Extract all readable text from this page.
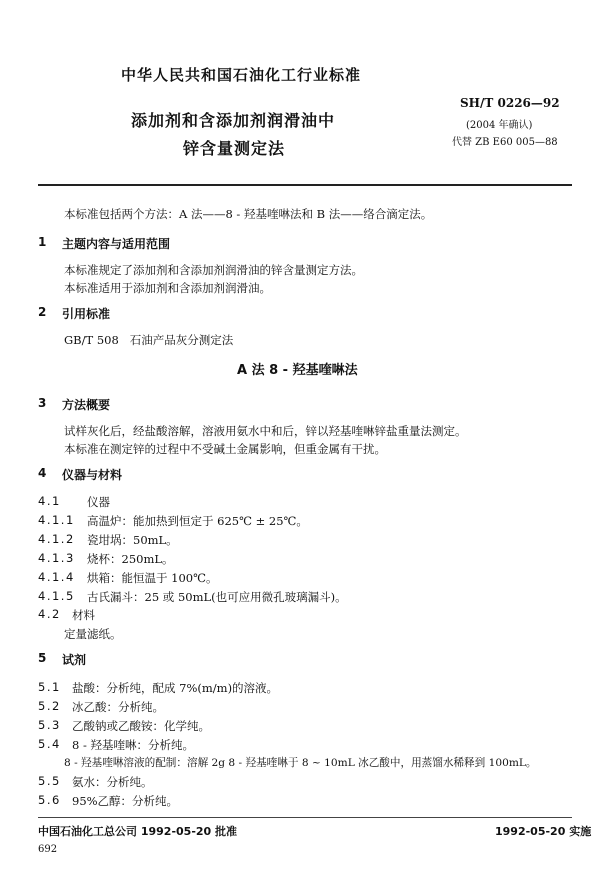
中华人民共和国石油化工行业标准
添加剂和含添加剂润滑油中
锌含量测定法
SH/T 0226—92
(2004 年确认)
代替 ZB E60 005—88
本标准包括两个方法：A 法——8 - 羟基喹啉法和 B 法——络合滴定法。
1 主题内容与适用范围
本标准规定了添加剂和含添加剂润滑油的锌含量测定方法。
本标准适用于添加剂和含添加剂润滑油。
2 引用标准
GB/T 508   石油产品灰分测定法
A 法 8 - 羟基喹啉法
3 方法概要
试样灰化后，经盐酸溶解，溶液用氨水中和后，锌以羟基喹啉锌盐重量法测定。
本标准在测定锌的过程中不受碱土金属影响，但重金属有干扰。
4 仪器与材料
4.1 仪器
4.1.1 高温炉：能加热到恒定于 625℃ ± 25℃。
4.1.2 瓷坩埚：50mL。
4.1.3 烧杯：250mL。
4.1.4 烘箱：能恒温于 100℃。
4.1.5 古氏漏斗：25 或 50mL(也可应用微孔玻璃漏斗)。
4.2 材料
定量滤纸。
5 试剂
5.1 盐酸：分析纯，配成 7%(m/m)的溶液。
5.2 冰乙酸：分析纯。
5.3 乙酸钠或乙酸铵：化学纯。
5.4 8 - 羟基喹啉：分析纯。
8 - 羟基喹啉溶液的配制：溶解 2g 8 - 羟基喹啉于 8 ~ 10mL 冰乙酸中，用蒸馏水稀释到 100mL。
5.5 氨水：分析纯。
5.6 95%乙醇：分析纯。
中国石油化工总公司 1992-05-20 批准	1992-05-20 实施
692
